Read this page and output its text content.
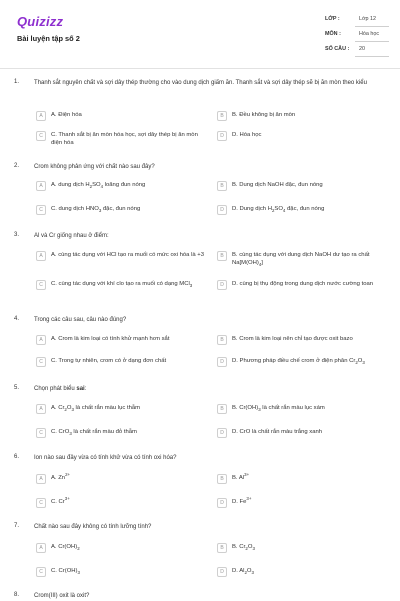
Quizizz
Bài luyện tập số 2
LỚP :	Lớp 12
MÔN :	Hóa học
SỐ CÂU : 20
1. Thanh sắt nguyên chất và sợi dây thép thường cho vào dung dịch giấm ăn. Thanh sắt và sợi dây thép sẽ bị ăn mòn theo kiểu
A	A. Điện hóa	B	B. Đều không bị ăn mòn
C	C. Thanh sắt bị ăn mòn hóa học, sợi dây thép bị ăn mòn điện hóa
D	D. Hóa học
2. Crom không phản ứng với chất nào sau đây?
A	A. dung dịch $H_2SO_4$ loãng đun nóng	B	B. Dung dịch NaOH đặc, đun nóng
C	C. dung dịch $HNO_3$ đặc, đun nóng	D	D. Dung dịch $H_2SO_4$ đặc, đun nóng
3. Al và Cr giống nhau ở điểm:
A	A. cùng tác dụng với HCl tạo ra muối có mức oxi hóa là +3	B	B. cùng tác dụng với dung dịch NaOH dư tạo ra chất $Na[M(OH)_4]$
C	C. cùng tác dụng với khí clo tạo ra muối có dạng MCl$_3$	D	D. cùng bị thụ động trong dung dịch nước cường toan
4. Trong các câu sau, câu nào đúng?
A	A. Crom là kim loại có tính khử mạnh hơn sắt	B	B. Crom là kim loại nên chỉ tạo được oxit bazo
C	C. Trong tự nhiên, crom có ở dạng đơn chất	D	D. Phương pháp điều chế crom ở điện phân $Cr_2O_3$
5. Chọn phát biểu sai:
A	A. $Cr_2O_3$ là chất rắn màu lục thẫm	B	B. $Cr(OH)_3$ là chất rắn màu lục xám
C	C. CrO$_3$ là chất rắn màu đỏ thẫm	D	D. CrO là chất rắn màu trắng xanh
6. Ion nào sau đây vừa có tính khử vừa có tính oxi hóa?
A	A. $Zn^{2+}$
B	B. $Al^{3+}$
C	C. $Cr^{3+}$
D	D. $Fe^{3+}$
7. Chất nào sau đây không có tính lưỡng tính?
A	A. $Cr(OH)_2$	B	B. $Cr_2O_3$
C	C. $Cr(OH)_3$	D	D. $Al_2O_3$
8. Crom(III) oxit là oxit?
